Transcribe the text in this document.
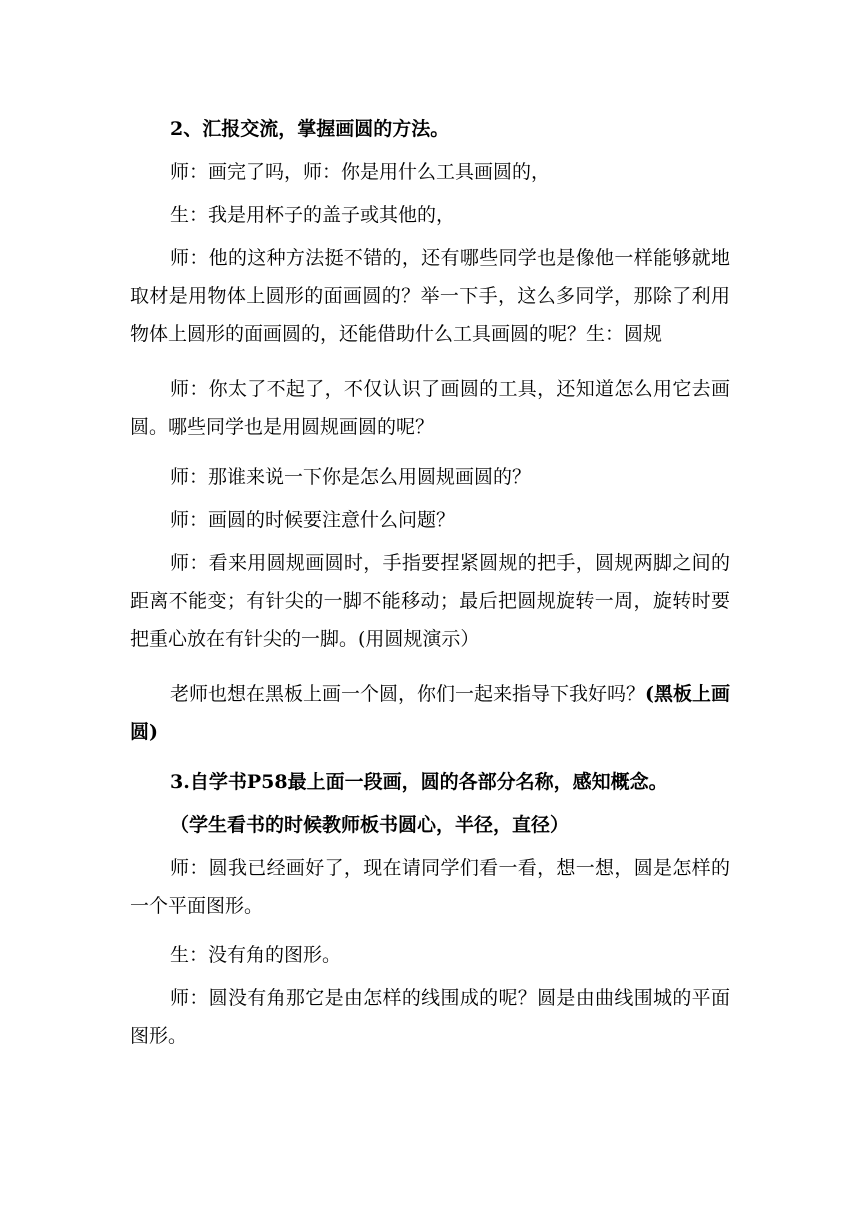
2、汇报交流，掌握画圆的方法。

师：画完了吗，师：你是用什么工具画圆的，

生：我是用杯子的盖子或其他的，

师：他的这种方法挺不错的，还有哪些同学也是像他一样能够就地取材是用物体上圆形的面画圆的？举一下手，这么多同学，那除了利用物体上圆形的面画圆的，还能借助什么工具画圆的呢？生：圆规

师：你太了不起了，不仅认识了画圆的工具，还知道怎么用它去画圆。哪些同学也是用圆规画圆的呢？

师：那谁来说一下你是怎么用圆规画圆的？

师：画圆的时候要注意什么问题？

师：看来用圆规画圆时，手指要捏紧圆规的把手，圆规两脚之间的距离不能变；有针尖的一脚不能移动；最后把圆规旋转一周，旋转时要把重心放在有针尖的一脚。(用圆规演示）

老师也想在黑板上画一个圆，你们一起来指导下我好吗？(黑板上画圆)

3.自学书P58最上面一段画，圆的各部分名称，感知概念。

（学生看书的时候教师板书圆心，半径，直径）

师：圆我已经画好了，现在请同学们看一看，想一想，圆是怎样的一个平面图形。

生：没有角的图形。

师：圆没有角那它是由怎样的线围成的呢？圆是由曲线围城的平面图形。
